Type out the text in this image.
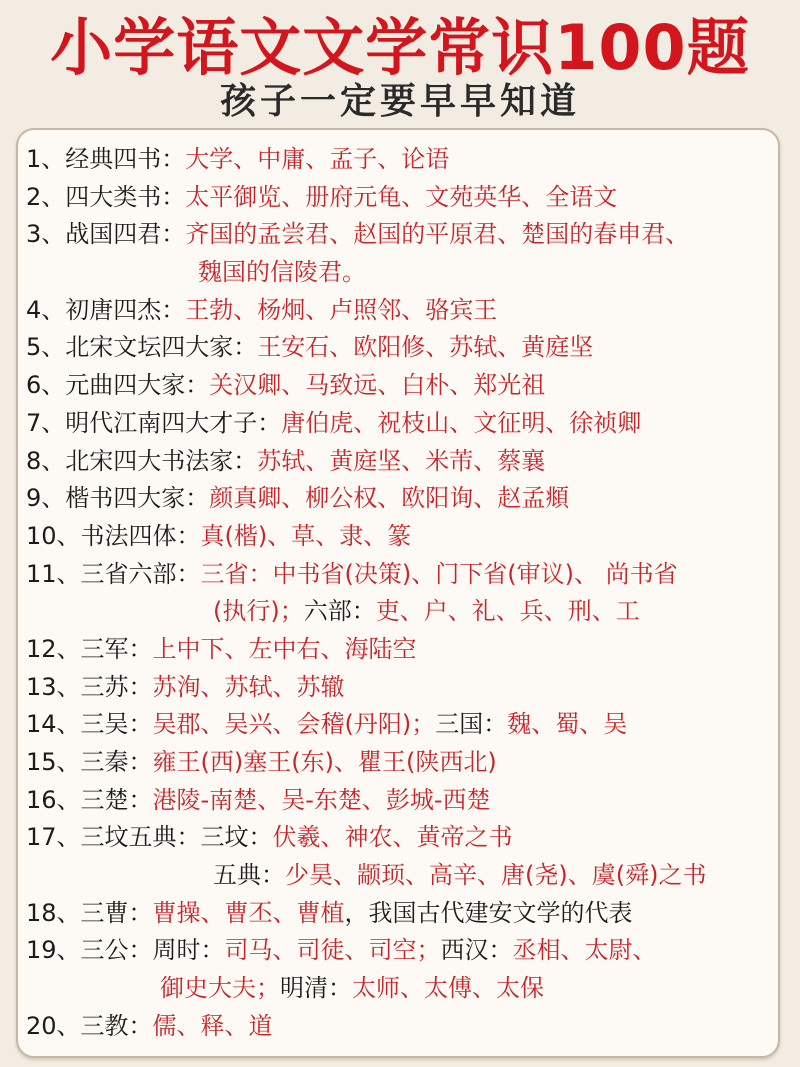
小学语文文学常识100题
孩子一定要早早知道
1、经典四书：大学、中庸、孟子、论语
2、四大类书：太平御览、册府元龟、文苑英华、全语文
3、战国四君：齐国的孟尝君、赵国的平原君、楚国的春申君、
魏国的信陵君。
4、初唐四杰：王勃、杨炯、卢照邻、骆宾王
5、北宋文坛四大家：王安石、欧阳修、苏轼、黄庭坚
6、元曲四大家：关汉卿、马致远、白朴、郑光祖
7、明代江南四大才子：唐伯虎、祝枝山、文征明、徐祯卿
8、北宋四大书法家：苏轼、黄庭坚、米芾、蔡襄
9、楷书四大家：颜真卿、柳公权、欧阳询、赵孟頫
10、书法四体：真(楷)、草、隶、篆
11、三省六部：三省：中书省(决策)、门下省(审议)、 尚书省
(执行)；六部：吏、户、礼、兵、刑、工
12、三军：上中下、左中右、海陆空
13、三苏：苏洵、苏轼、苏辙
14、三吴：吴郡、吴兴、会稽(丹阳)；三国：魏、蜀、吴
15、三秦：雍王(西)塞王(东)、瞿王(陕西北)
16、三楚：港陵-南楚、吴-东楚、彭城-西楚
17、三坟五典：三坟：伏羲、神农、黄帝之书
五典：少昊、颛顼、高辛、唐(尧)、虞(舜)之书
18、三曹：曹操、曹丕、曹植，我国古代建安文学的代表
19、三公：周时：司马、司徒、司空；西汉：丞相、太尉、
御史大夫；明清：太师、太傅、太保
20、三教：儒、释、道
